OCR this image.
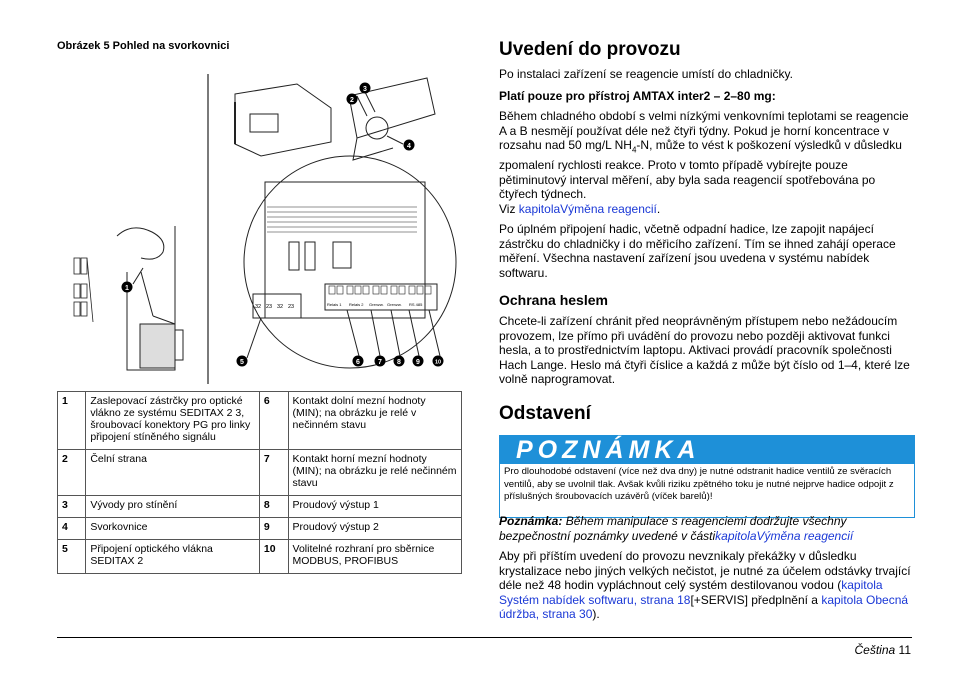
Obrázek 5 Pohled na svorkovnici
32 23 32 23	Relais 1 Relais 2 Grenzw. Grenzw. RS 485
1
2
3
4
5	6	7 8 9	10
1	Zaslepovací zástrčky pro optické vlákno ze systému SEDITAX 2 3, šroubovací konektory PG pro linky připojení stíněného signálu	6	Kontakt dolní mezní hodnoty (MIN); na obrázku je relé v nečinném stavu
2	Čelní strana	7	Kontakt horní mezní hodnoty (MIN); na obrázku je relé nečinném stavu
3	Vývody pro stínění	8	Proudový výstup 1
4	Svorkovnice	9	Proudový výstup 2
5	Připojení optického vlákna SEDITAX 2	10	Volitelné rozhraní pro sběrnice MODBUS, PROFIBUS
Uvedení do provozu

Po instalaci zařízení se reagencie umístí do chladničky.

Platí pouze pro přístroj AMTAX inter2 – 2–80 mg:

Během chladného období s velmi nízkými venkovními teplotami se reagencie A a B nesmějí používat déle než čtyři týdny. Pokud je horní koncentrace v rozsahu nad 50 mg/L $NH_4-N$, může to vést k poškození výsledků v důsledku zpomalení rychlosti reakce. Proto v tomto případě vybírejte pouze pětiminutový interval měření, aby byla sada reagencií spotřebována po čtyřech týdnech.

Viz kapitolaVýměna reagencií.

Po úplném připojení hadic, včetně odpadní hadice, lze zapojit napájecí zástrčku do chladničky i do měřicího zařízení. Tím se ihned zahájí operace měření. Všechna nastavení zařízení jsou uvedena v systému nabídek softwaru.

Ochrana heslem

Chcete-li zařízení chránit před neoprávněným přístupem nebo nežádoucím provozem, lze přímo při uvádění do provozu nebo později aktivovat funkci hesla, a to prostřednictvím laptopu. Aktivaci provádí pracovník společnosti Hach Lange. Heslo má čtyři číslice a každá z může být číslo od 1–4, které lze volně naprogramovat.

Odstavení
POZNÁMKA
Pro dlouhodobé odstavení (více než dva dny) je nutné odstranit hadice ventilů ze svěracích ventilů, aby se uvolnil tlak. Avšak kvůli riziku zpětného toku je nutné nejprve hadice odpojit z příslušných šroubovacích uzávěrů (víček barelů)!

Poznámka: Během manipulace s reagenciemi dodržujte všechny bezpečnostní poznámky uvedené v částikapitolaVýměna reagencií

Aby při příštím uvedení do provozu nevznikaly překážky v důsledku krystalizace nebo jiných velkých nečistot, je nutné za účelem odstávky trvající déle než 48 hodin vypláchnout celý systém destilovanou vodou (kapitola Systém nabídek softwaru, strana 18[+SERVIS] předplnění a kapitola Obecná údržba, strana 30).

Čeština 11
